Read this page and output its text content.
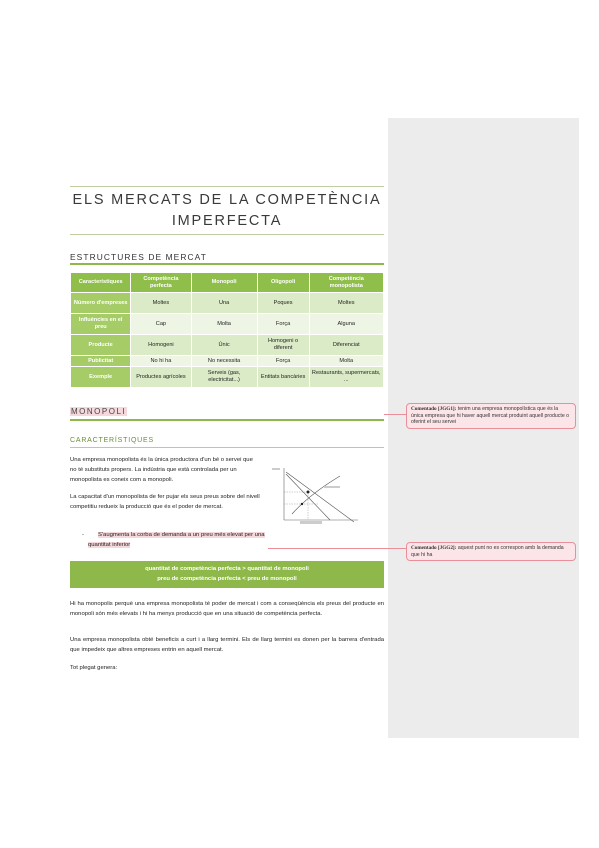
ELS MERCATS DE LA COMPETÈNCIA
IMPERFECTA
ESTRUCTURES DE MERCAT
Característiques	Competència perfecta	Monopoli	Oligopoli	Competència monopolista
Número d'empreses	Moltes	Una	Poques	Moltes
Influències en el preu	Cap	Molta	Força	Alguna
Producte	Homogeni	Únic	Homogeni o diferent	Diferenciat
Publicitat	No hi ha	No necessita	Força	Molta
Exemple	Productes agrícoles	Serveis (gas, electricitat...)	Entitats bancàries	Restaurants, supermercats, ...
MONOPOLI
CARACTERÍSTIQUES
Una empresa monopolista és la única productora d'un bé o servei que no té substituts propers. La indústria que està controlada per un monopolista es coneix com a monopoli.
La capacitat d'un monopolista de fer pujar els seus preus sobre del nivell competitiu redueix la producció que és el poder de mercat.
- S'augmenta la corba de demanda a un preu més elevat per una quantitat inferior
quantitat de competència perfecta > quantitat de monopoli
preu de competència perfecta < preu de monopoli
Hi ha monopolis perquè una empresa monopolista té poder de mercat i com a conseqüència els preus del producte en monopoli són més elevats i hi ha menys producció que en una situació de competència perfecta.
Una empresa monopolista obté beneficis a curt i a llarg termini. Els de llarg termini es donen per la barrera d'entrada que impedeix que altres empreses entrin en aquell mercat.
Tot plegat genera:
Comentado [JGG1]: tenim una empresa monopolística que és la única empresa que hi haver aquell mercat produint aquell producte o oferint el seu servei
Comentado [JGG2]: aquest punt no es correspon amb la demanda que hi ha
